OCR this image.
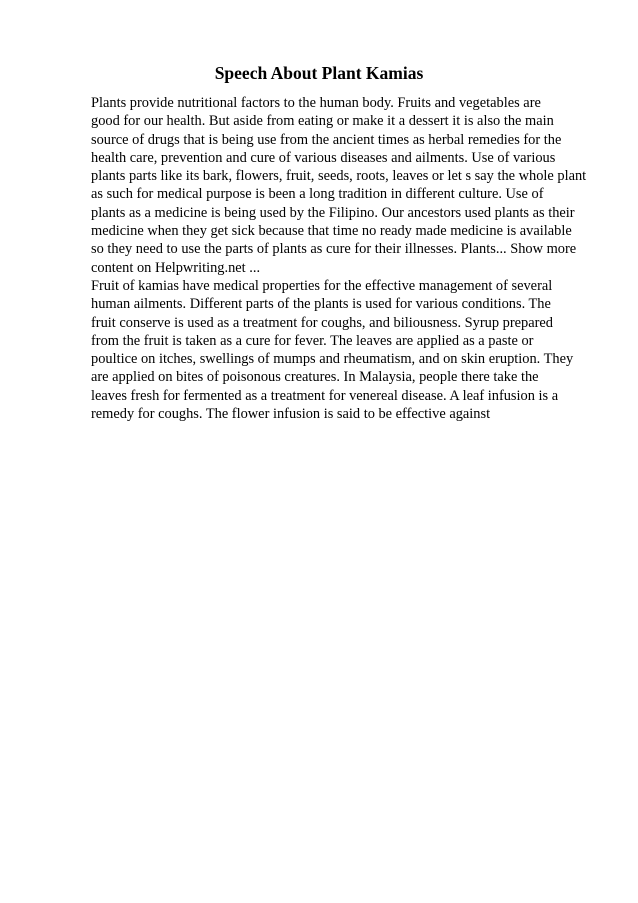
Speech About Plant Kamias
Plants provide nutritional factors to the human body. Fruits and vegetables are
good for our health. But aside from eating or make it a dessert it is also the main
source of drugs that is being use from the ancient times as herbal remedies for the
health care, prevention and cure of various diseases and ailments. Use of various
plants parts like its bark, flowers, fruit, seeds, roots, leaves or let s say the whole plant
as such for medical purpose is been a long tradition in different culture. Use of
plants as a medicine is being used by the Filipino. Our ancestors used plants as their
medicine when they get sick because that time no ready made medicine is available
so they need to use the parts of plants as cure for their illnesses. Plants... Show more
content on Helpwriting.net ...
Fruit of kamias have medical properties for the effective management of several
human ailments. Different parts of the plants is used for various conditions. The
fruit conserve is used as a treatment for coughs, and biliousness. Syrup prepared
from the fruit is taken as a cure for fever. The leaves are applied as a paste or
poultice on itches, swellings of mumps and rheumatism, and on skin eruption. They
are applied on bites of poisonous creatures. In Malaysia, people there take the
leaves fresh for fermented as a treatment for venereal disease. A leaf infusion is a
remedy for coughs. The flower infusion is said to be effective against
